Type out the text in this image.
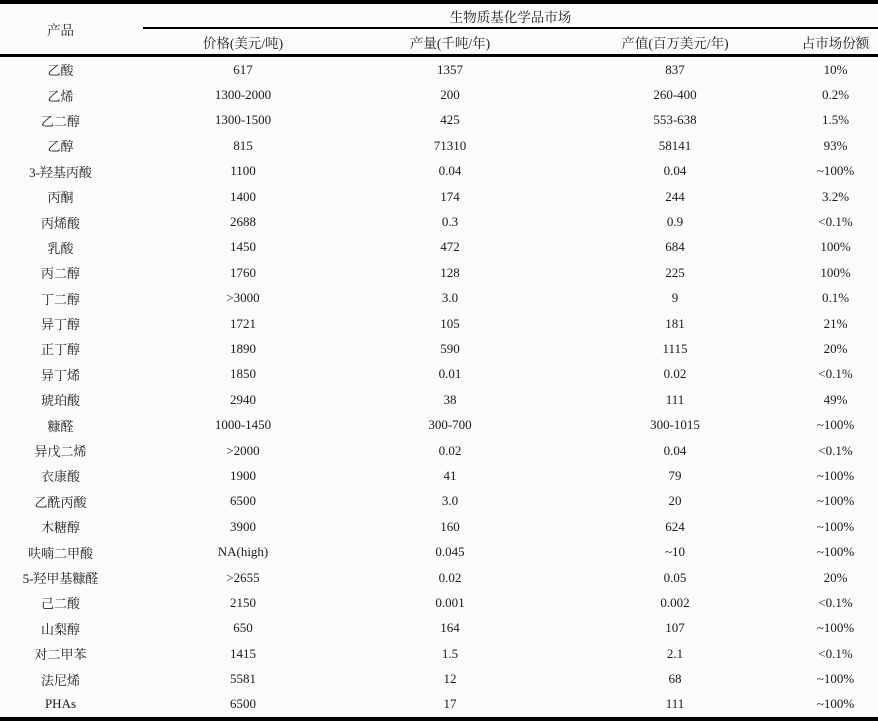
产品	生物质基化学品市场			
	价格(美元/吨)	产量(千吨/年)	产值(百万美元/年)	占市场份额
乙酸	617	1357	837	10%
乙烯	1300-2000	200	260-400	0.2%
乙二醇	1300-1500	425	553-638	1.5%
乙醇	815	71310	58141	93%
3-羟基丙酸	1100	0.04	0.04	~100%
丙酮	1400	174	244	3.2%
丙烯酸	2688	0.3	0.9	<0.1%
乳酸	1450	472	684	100%
丙二醇	1760	128	225	100%
丁二醇	>3000	3.0	9	0.1%
异丁醇	1721	105	181	21%
正丁醇	1890	590	1115	20%
异丁烯	1850	0.01	0.02	<0.1%
琥珀酸	2940	38	111	49%
糠醛	1000-1450	300-700	300-1015	~100%
异戊二烯	>2000	0.02	0.04	<0.1%
衣康酸	1900	41	79	~100%
乙酰丙酸	6500	3.0	20	~100%
木糖醇	3900	160	624	~100%
呋喃二甲酸	NA(high)	0.045	~10	~100%
5-羟甲基糠醛	>2655	0.02	0.05	20%
己二酸	2150	0.001	0.002	<0.1%
山梨醇	650	164	107	~100%
对二甲苯	1415	1.5	2.1	<0.1%
法尼烯	5581	12	68	~100%
PHAs	6500	17	111	~100%
